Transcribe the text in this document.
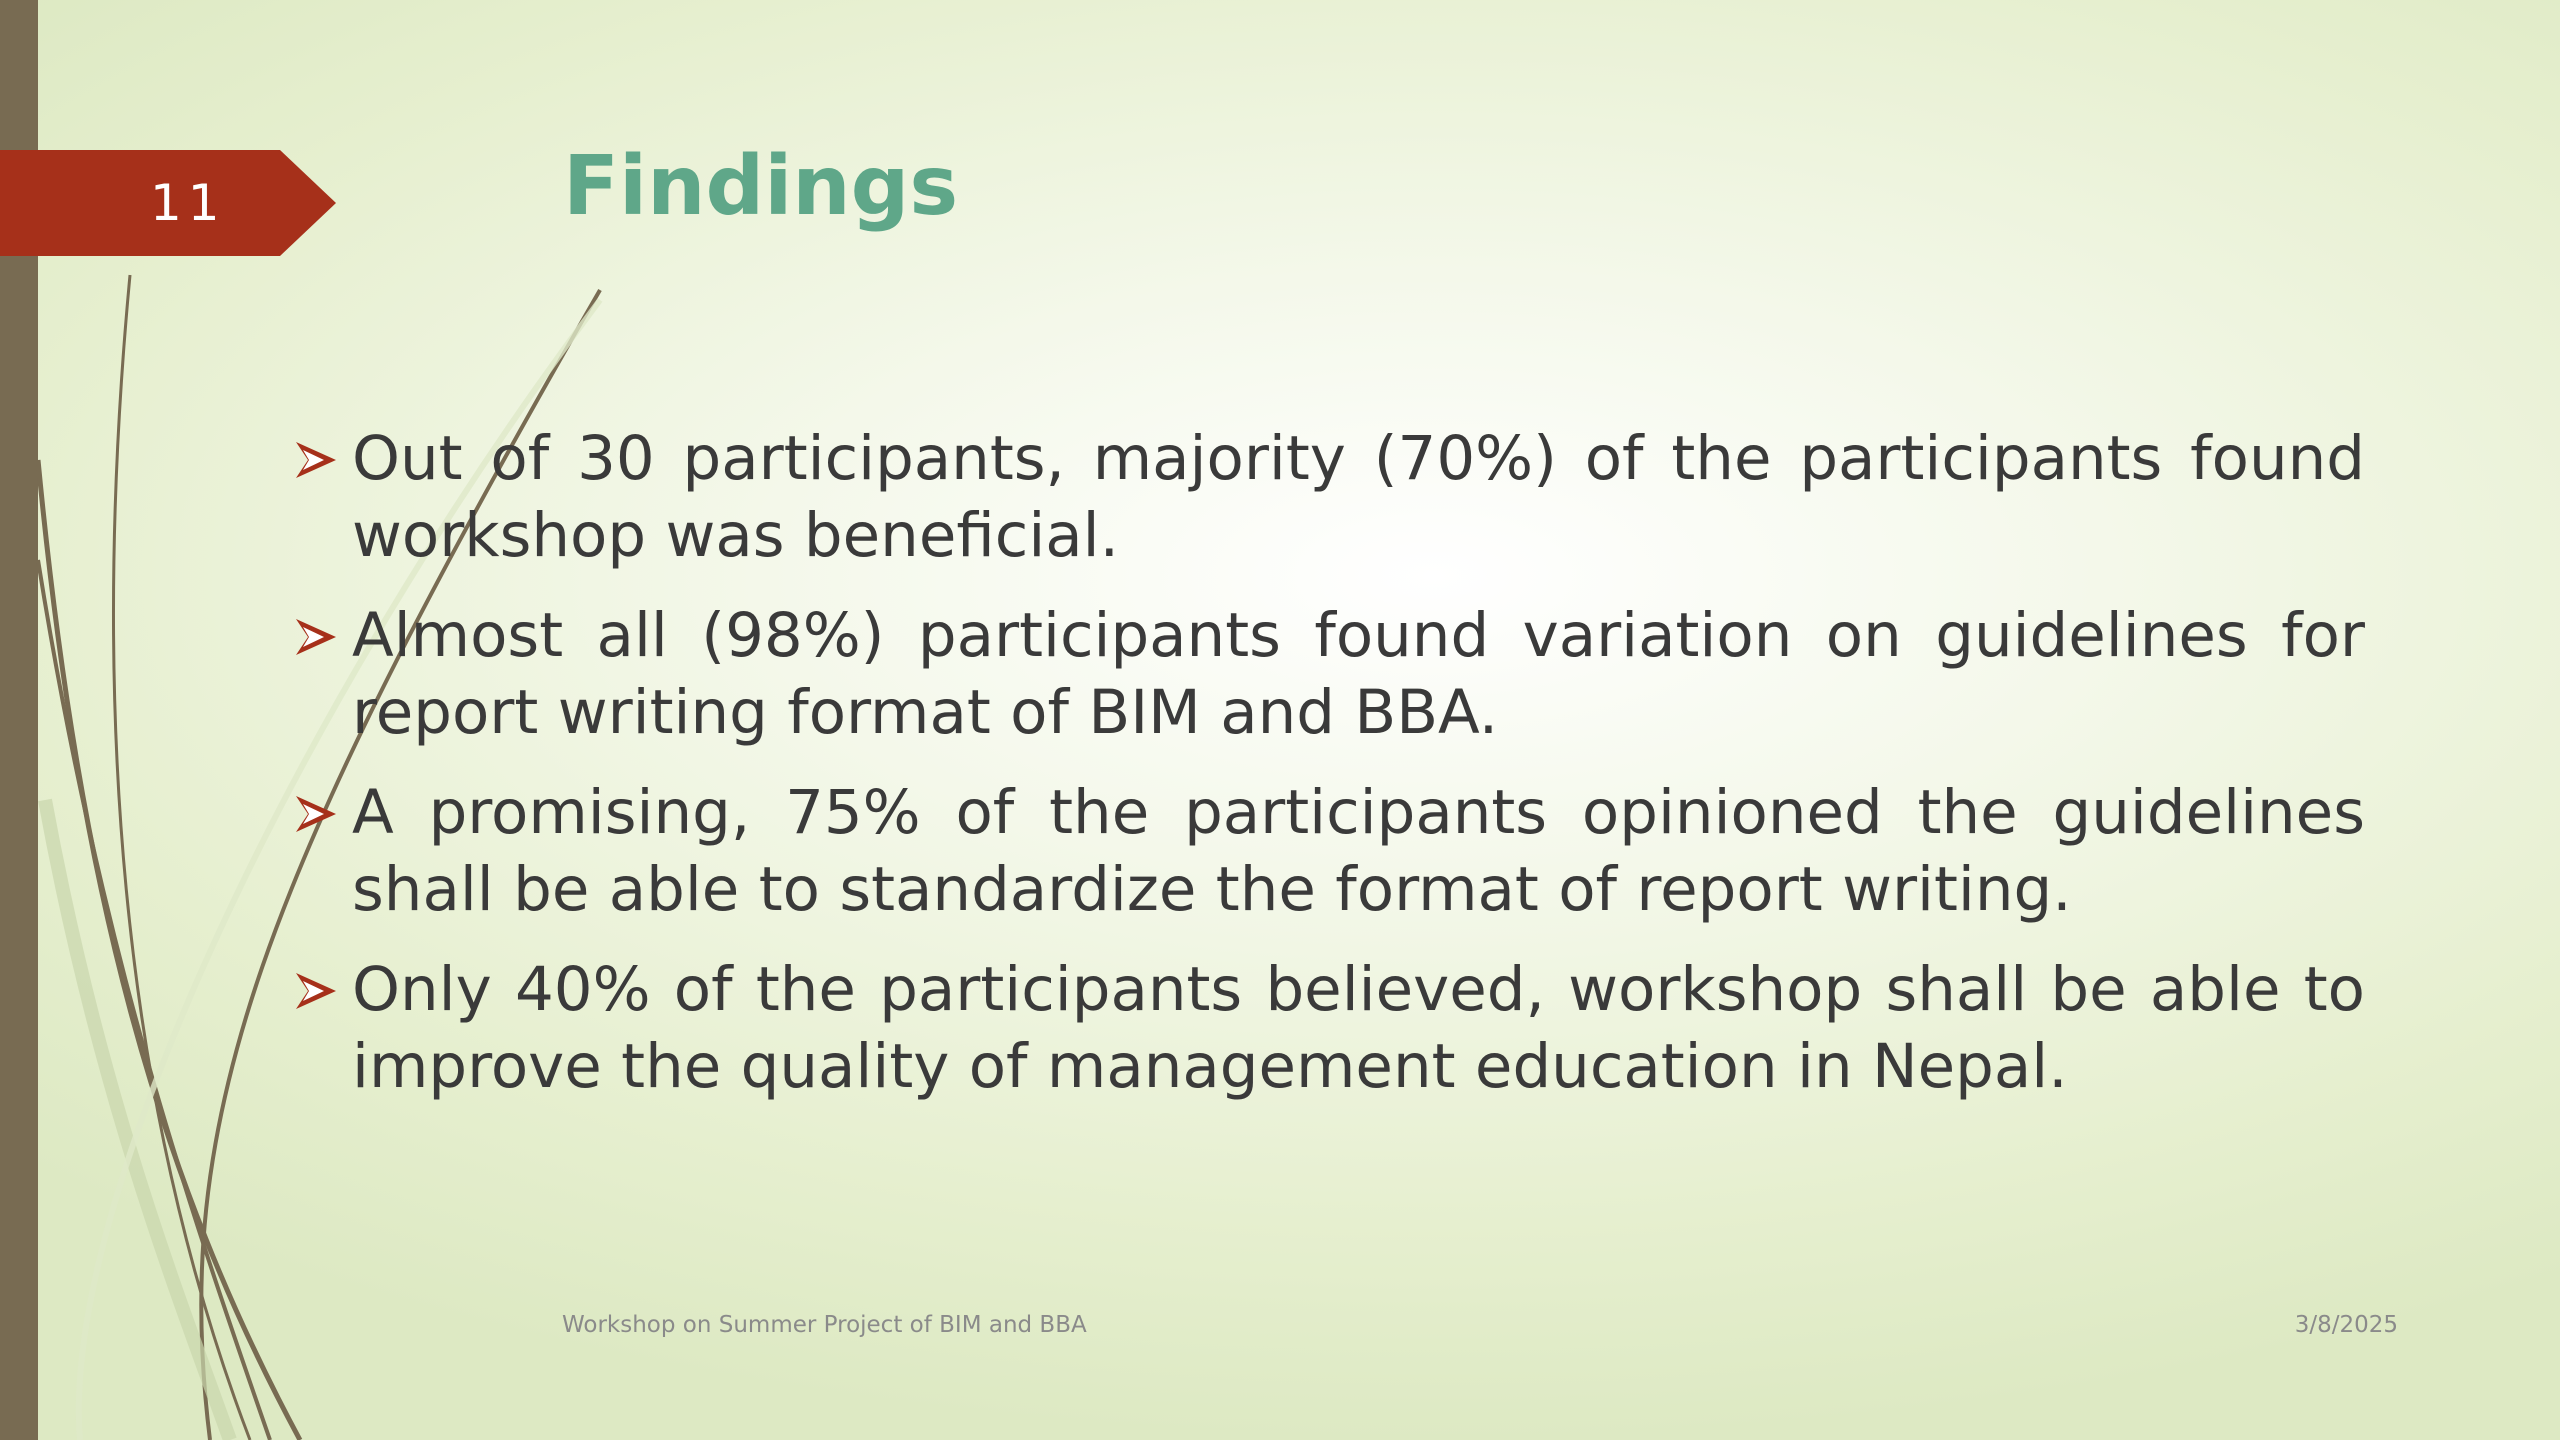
11	Findings
Out of 30 participants, majority (70%) of the participants found workshop was beneficial.
Almost all (98%) participants found variation on guidelines for report writing format of BIM and BBA.
A promising, 75% of the participants opinioned the guidelines shall be able to standardize the format of report writing.
Only 40% of the participants believed, workshop shall be able to improve the quality of management education in Nepal.
Workshop on Summer Project of BIM and BBA	3/8/2025
